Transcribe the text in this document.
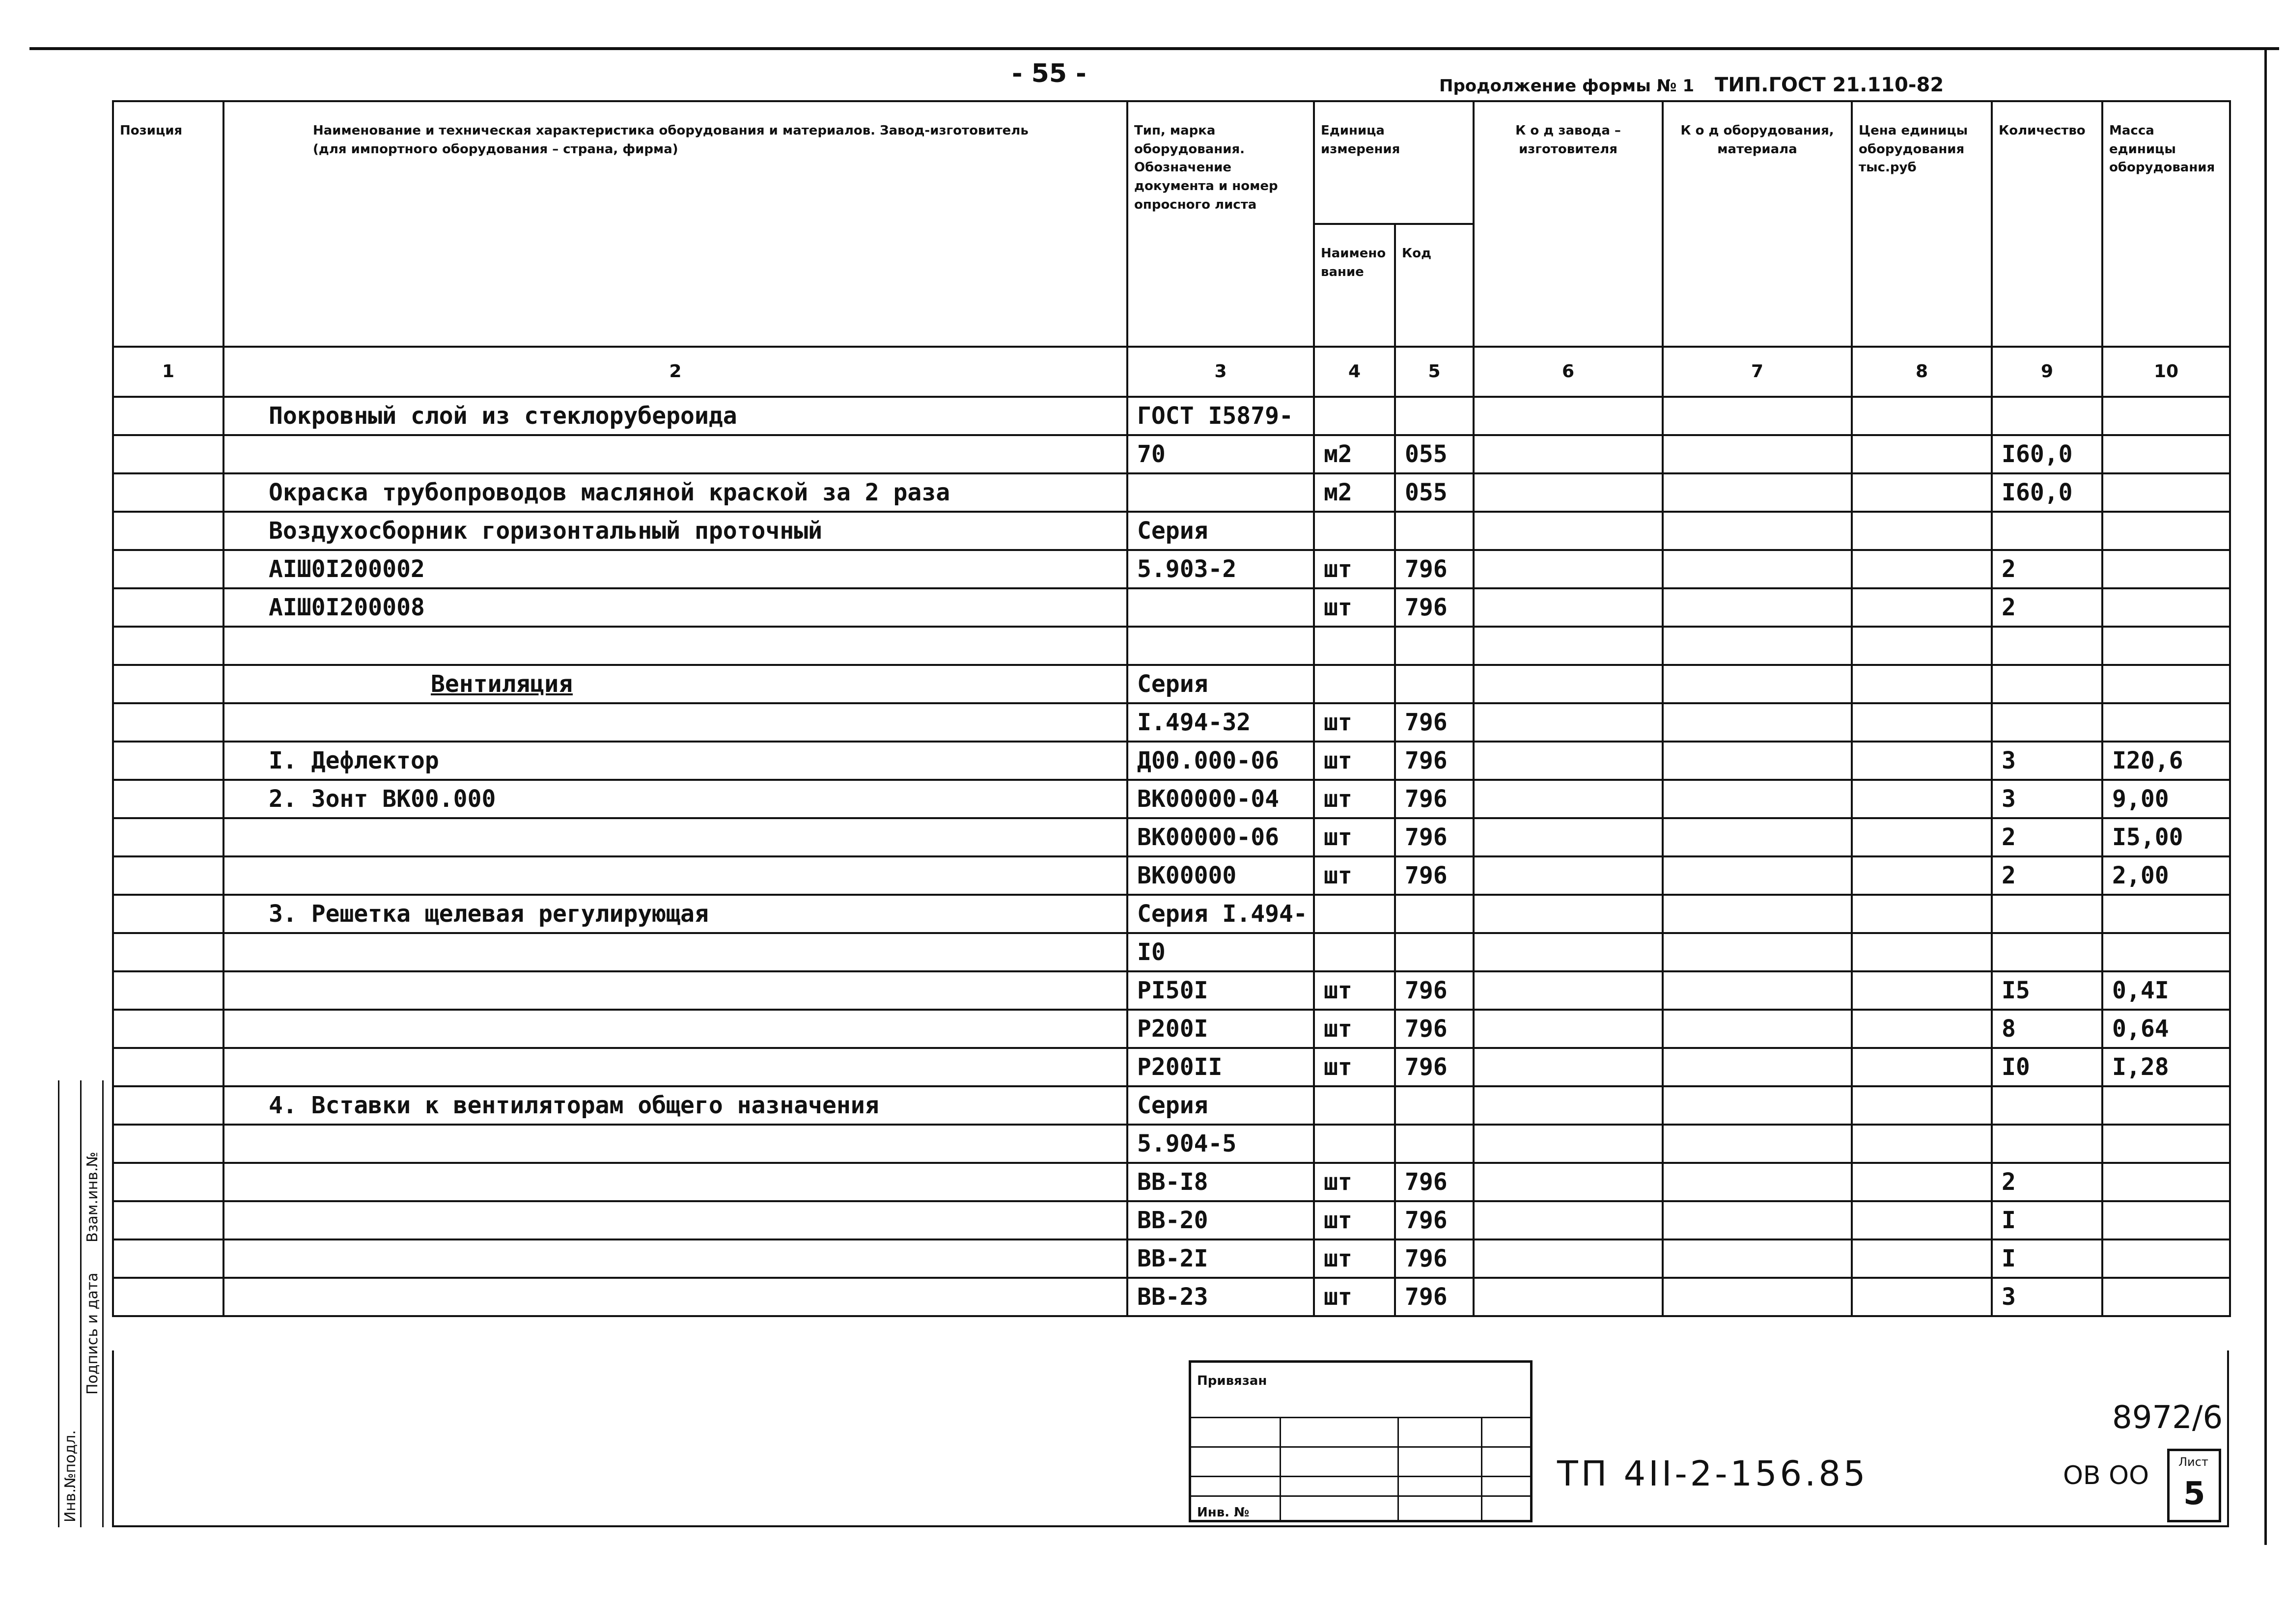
- 55 -	Продолжение формы № 1 ТИП.ГОСТ 21.110-82
Позиция	Наименование и техническая характеристика оборудования и материалов. Завод-изготовитель (для импортного оборудования – страна, фирма)	Тип, марка оборудования. Обозначение документа и номер опросного листа	Единица измерения		К о д завода – изготовителя	К о д оборудования, материала	Цена единицы оборудования тыс.руб	Количество	Масса единицы оборудования
			Наименование	Код					
1	2	3	4	5	6	7	8	9	10
	Покровный слой из стеклорубероида	ГОСТ I5879-							
		70	м2	055				I60,0	
	Окраска трубопроводов масляной краской за 2 раза		м2	055				I60,0	
	Воздухосборник горизонтальный проточный	Серия							
	AIШ0I200002	5.903-2	шт	796				2	
	AIШ0I200008		шт	796				2	

	Вентиляция	Серия							
		I.494-32	шт	796					
	I. Дефлектор	Д00.000-06	шт	796				3	I20,6
	2. Зонт ВК00.000	ВК00000-04	шт	796				3	9,00
		ВК00000-06	шт	796				2	I5,00
		ВК00000	шт	796				2	2,00
	3. Решетка щелевая регулирующая	Серия I.494-							
		I0							
		PI50I	шт	796				I5	0,4I
		P200I	шт	796				8	0,64
		P200II	шт	796				I0	I,28
	4. Вставки к вентиляторам общего назначения	Серия							
		5.904-5							
		ВВ-I8	шт	796				2	
		ВВ-20	шт	796				I	
		ВВ-2I	шт	796				I	
		ВВ-23	шт	796				3	
Привязан
Инв. №
ТП 4II-2-156.85
8972/6
ОВ ОО	Лист
5
Инв.№подл.
Подпись и дата
Взам.инв.№
